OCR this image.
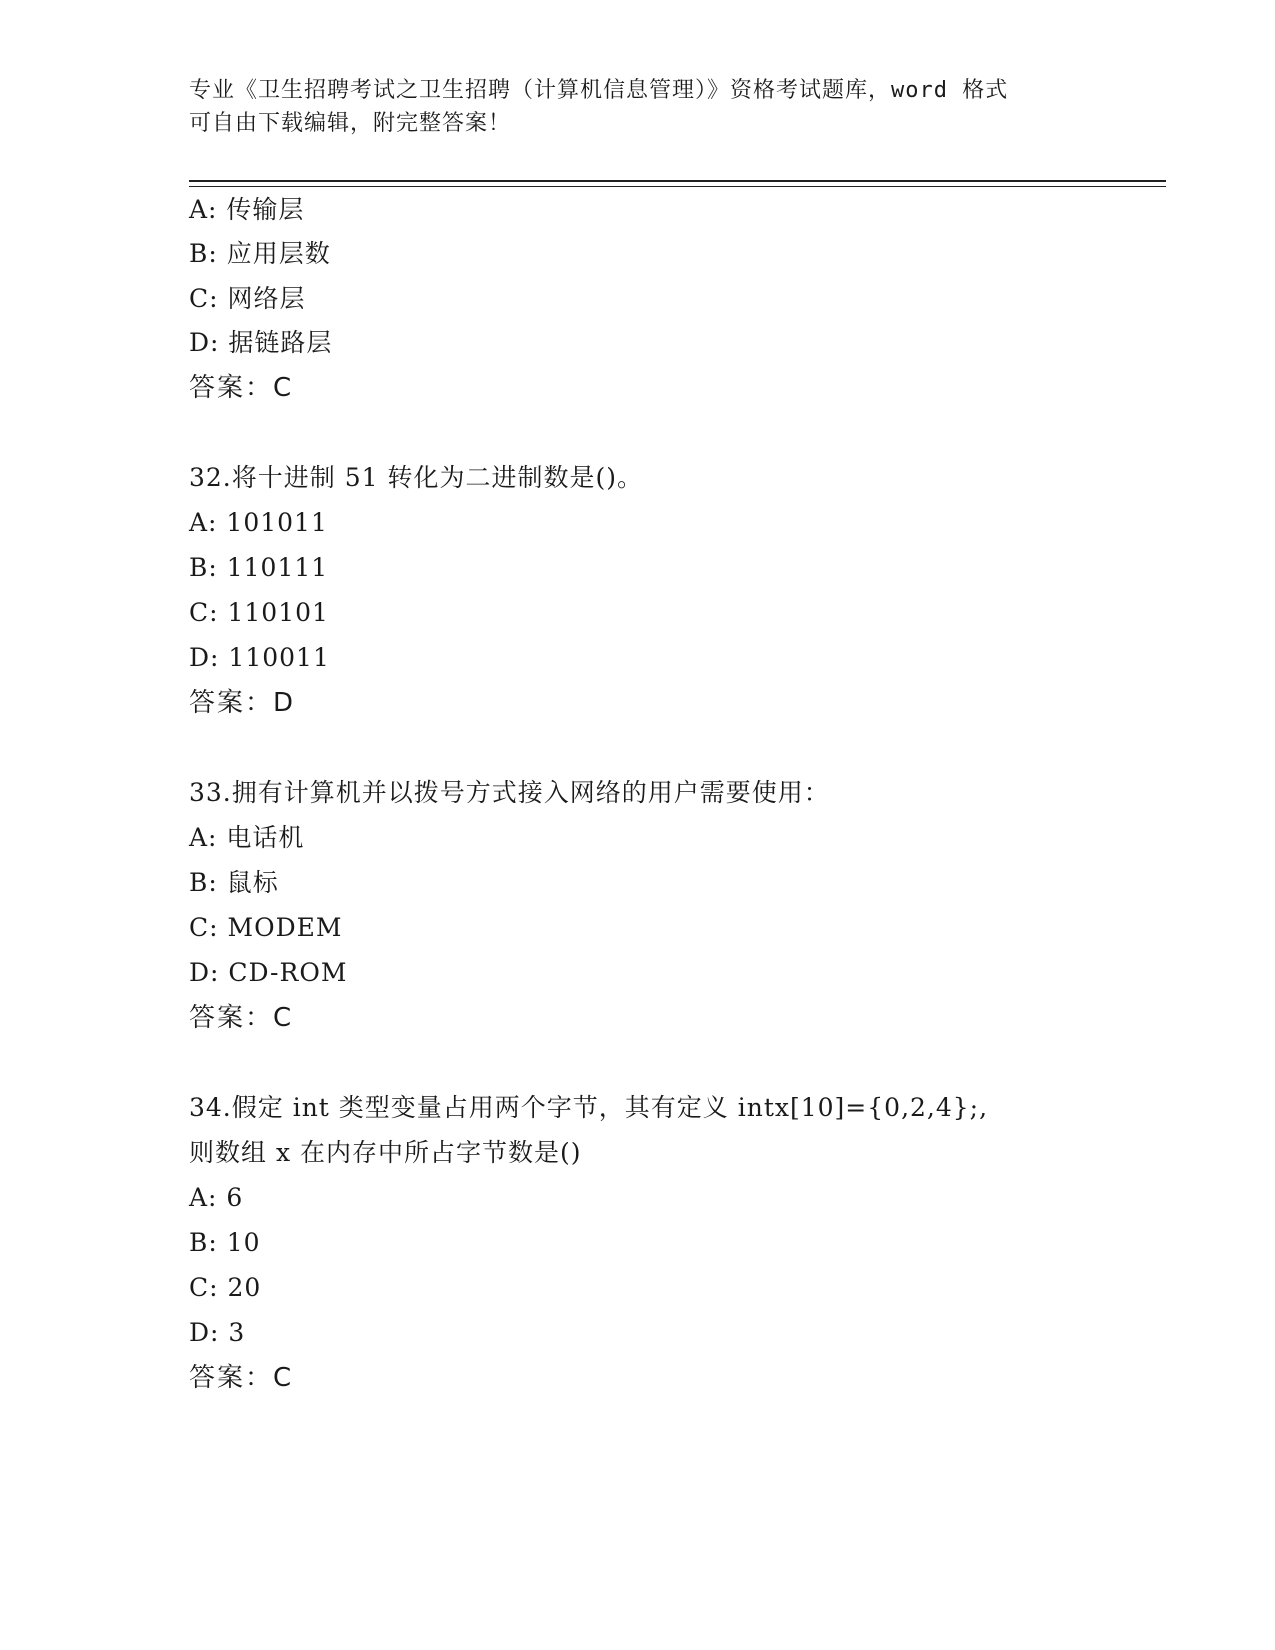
专业《卫生招聘考试之卫生招聘（计算机信息管理）》资格考试题库，word 格式
可自由下载编辑，附完整答案！
A: 传输层
B: 应用层数
C: 网络层
D: 据链路层
答案：C
32.将十进制 51 转化为二进制数是()。
A: 101011
B: 110111
C: 110101
D: 110011
答案：D
33.拥有计算机并以拨号方式接入网络的用户需要使用：
A: 电话机
B: 鼠标
C: MODEM
D: CD-ROM
答案：C
34.假定 int 类型变量占用两个字节，其有定义 intx[10]={0,2,4};,
则数组 x 在内存中所占字节数是()
A: 6
B: 10
C: 20
D: 3
答案：C
